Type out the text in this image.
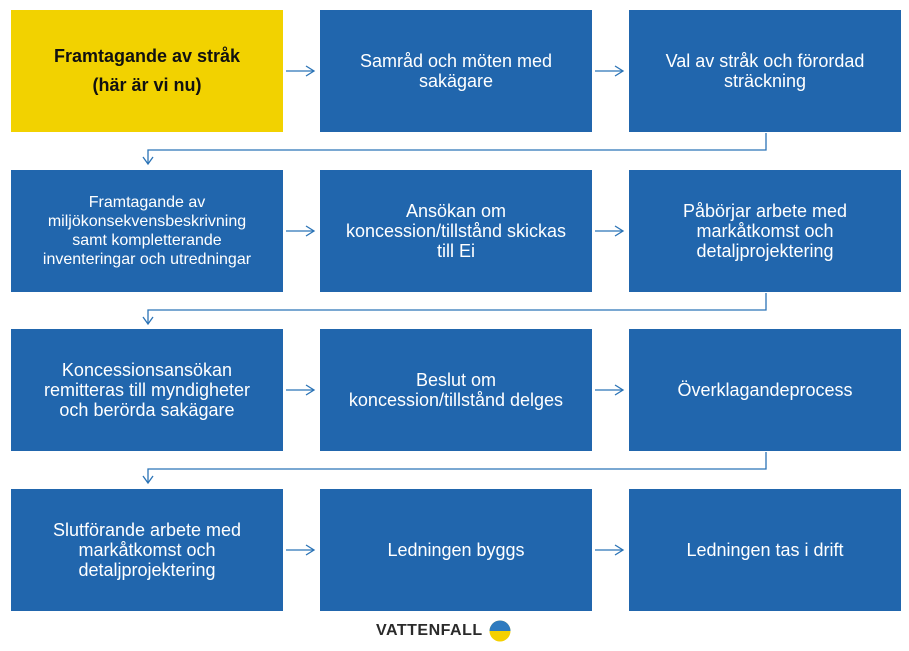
Framtagande av stråk
(här är vi nu)
Samråd och möten med
sakägare
Val av stråk och förordad
sträckning
Framtagande av
miljökonsekvensbeskrivning
samt kompletterande
inventeringar och utredningar
Ansökan om
koncession/tillstånd skickas
till Ei
Påbörjar arbete med
markåtkomst och
detaljprojektering
Koncessionsansökan
remitteras till myndigheter
och berörda sakägare
Beslut om
koncession/tillstånd delges	Överklagandeprocess
Slutförande arbete med
markåtkomst och
detaljprojektering
Ledningen byggs	Ledningen tas i drift
VATTENFALL
